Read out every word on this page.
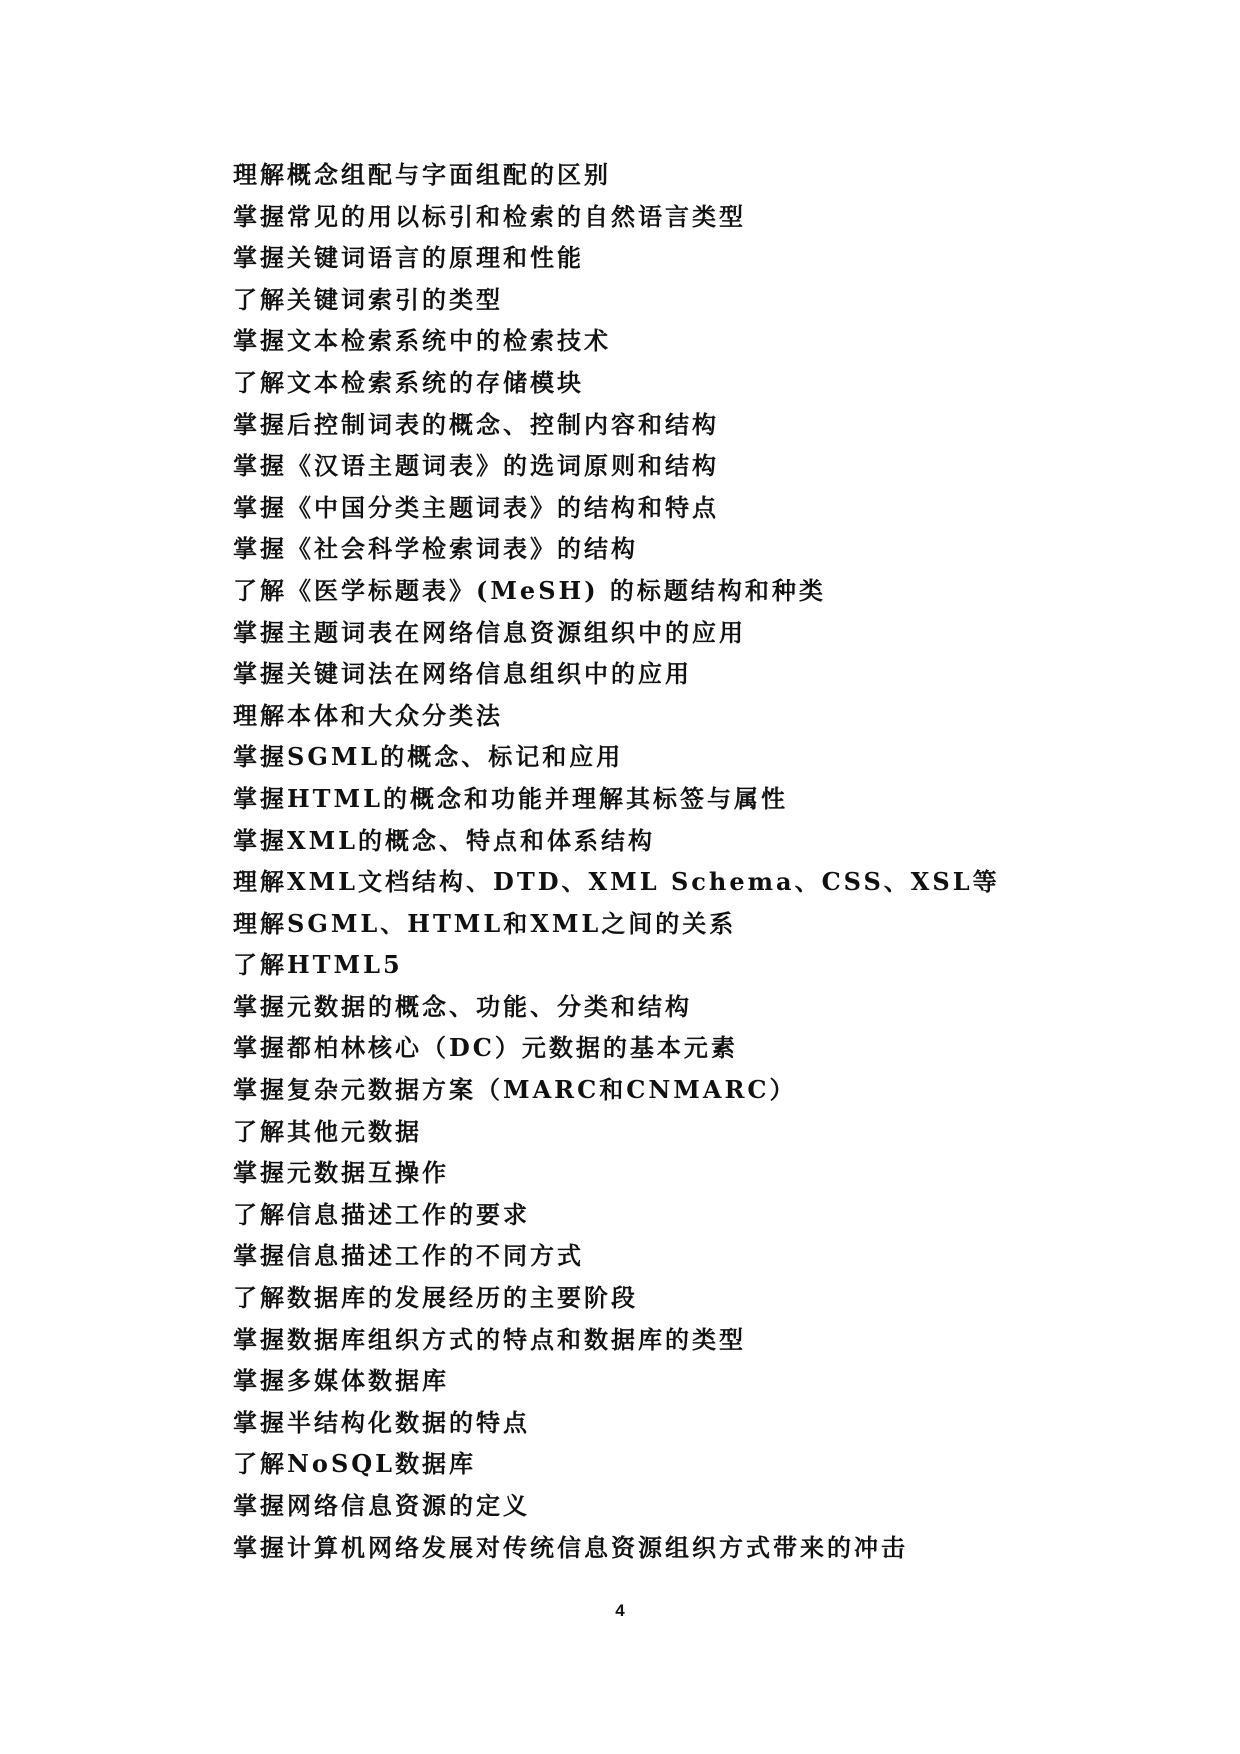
理解概念组配与字面组配的区别
掌握常见的用以标引和检索的自然语言类型
掌握关键词语言的原理和性能
了解关键词索引的类型
掌握文本检索系统中的检索技术
了解文本检索系统的存储模块
掌握后控制词表的概念、控制内容和结构
掌握《汉语主题词表》的选词原则和结构
掌握《中国分类主题词表》的结构和特点
掌握《社会科学检索词表》的结构
了解《医学标题表》(MeSH) 的标题结构和种类
掌握主题词表在网络信息资源组织中的应用
掌握关键词法在网络信息组织中的应用
理解本体和大众分类法
掌握SGML的概念、标记和应用
掌握HTML的概念和功能并理解其标签与属性
掌握XML的概念、特点和体系结构
理解XML文档结构、DTD、XML Schema、CSS、XSL等
理解SGML、HTML和XML之间的关系
了解HTML5
掌握元数据的概念、功能、分类和结构
掌握都柏林核心（DC）元数据的基本元素
掌握复杂元数据方案（MARC和CNMARC）
了解其他元数据
掌握元数据互操作
了解信息描述工作的要求
掌握信息描述工作的不同方式
了解数据库的发展经历的主要阶段
掌握数据库组织方式的特点和数据库的类型
掌握多媒体数据库
掌握半结构化数据的特点
了解NoSQL数据库
掌握网络信息资源的定义
掌握计算机网络发展对传统信息资源组织方式带来的冲击
4
